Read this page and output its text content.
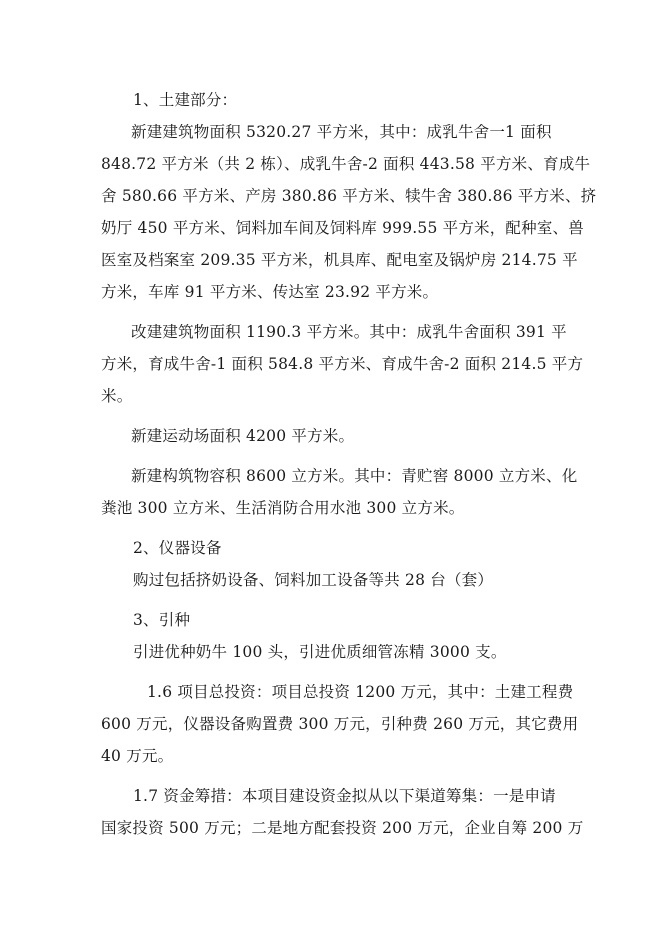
1、土建部分：
新建建筑物面积 5320.27 平方米，其中：成乳牛舍一1 面积
848.72 平方米（共 2 栋）、成乳牛舍-2 面积 443.58 平方米、育成牛
舍 580.66 平方米、产房 380.86 平方米、犊牛舍 380.86 平方米、挤
奶厅 450 平方米、饲料加车间及饲料库 999.55 平方米，配种室、兽
医室及档案室 209.35 平方米，机具库、配电室及锅炉房 214.75 平
方米，车库 91 平方米、传达室 23.92 平方米。
改建建筑物面积 1190.3 平方米。其中：成乳牛舍面积 391 平
方米，育成牛舍-1 面积 584.8 平方米、育成牛舍-2 面积 214.5 平方
米。
新建运动场面积 4200 平方米。
新建构筑物容积 8600 立方米。其中：青贮窖 8000 立方米、化
粪池 300 立方米、生活消防合用水池 300 立方米。
2、仪器设备
购过包括挤奶设备、饲料加工设备等共 28 台（套）
3、引种
引进优种奶牛 100 头，引进优质细管冻精 3000 支。
1.6 项目总投资：项目总投资 1200 万元，其中：土建工程费
600 万元，仪器设备购置费 300 万元，引种费 260 万元，其它费用
40 万元。
1.7 资金筹措：本项目建设资金拟从以下渠道筹集：一是申请
国家投资 500 万元；二是地方配套投资 200 万元，企业自筹 200 万
